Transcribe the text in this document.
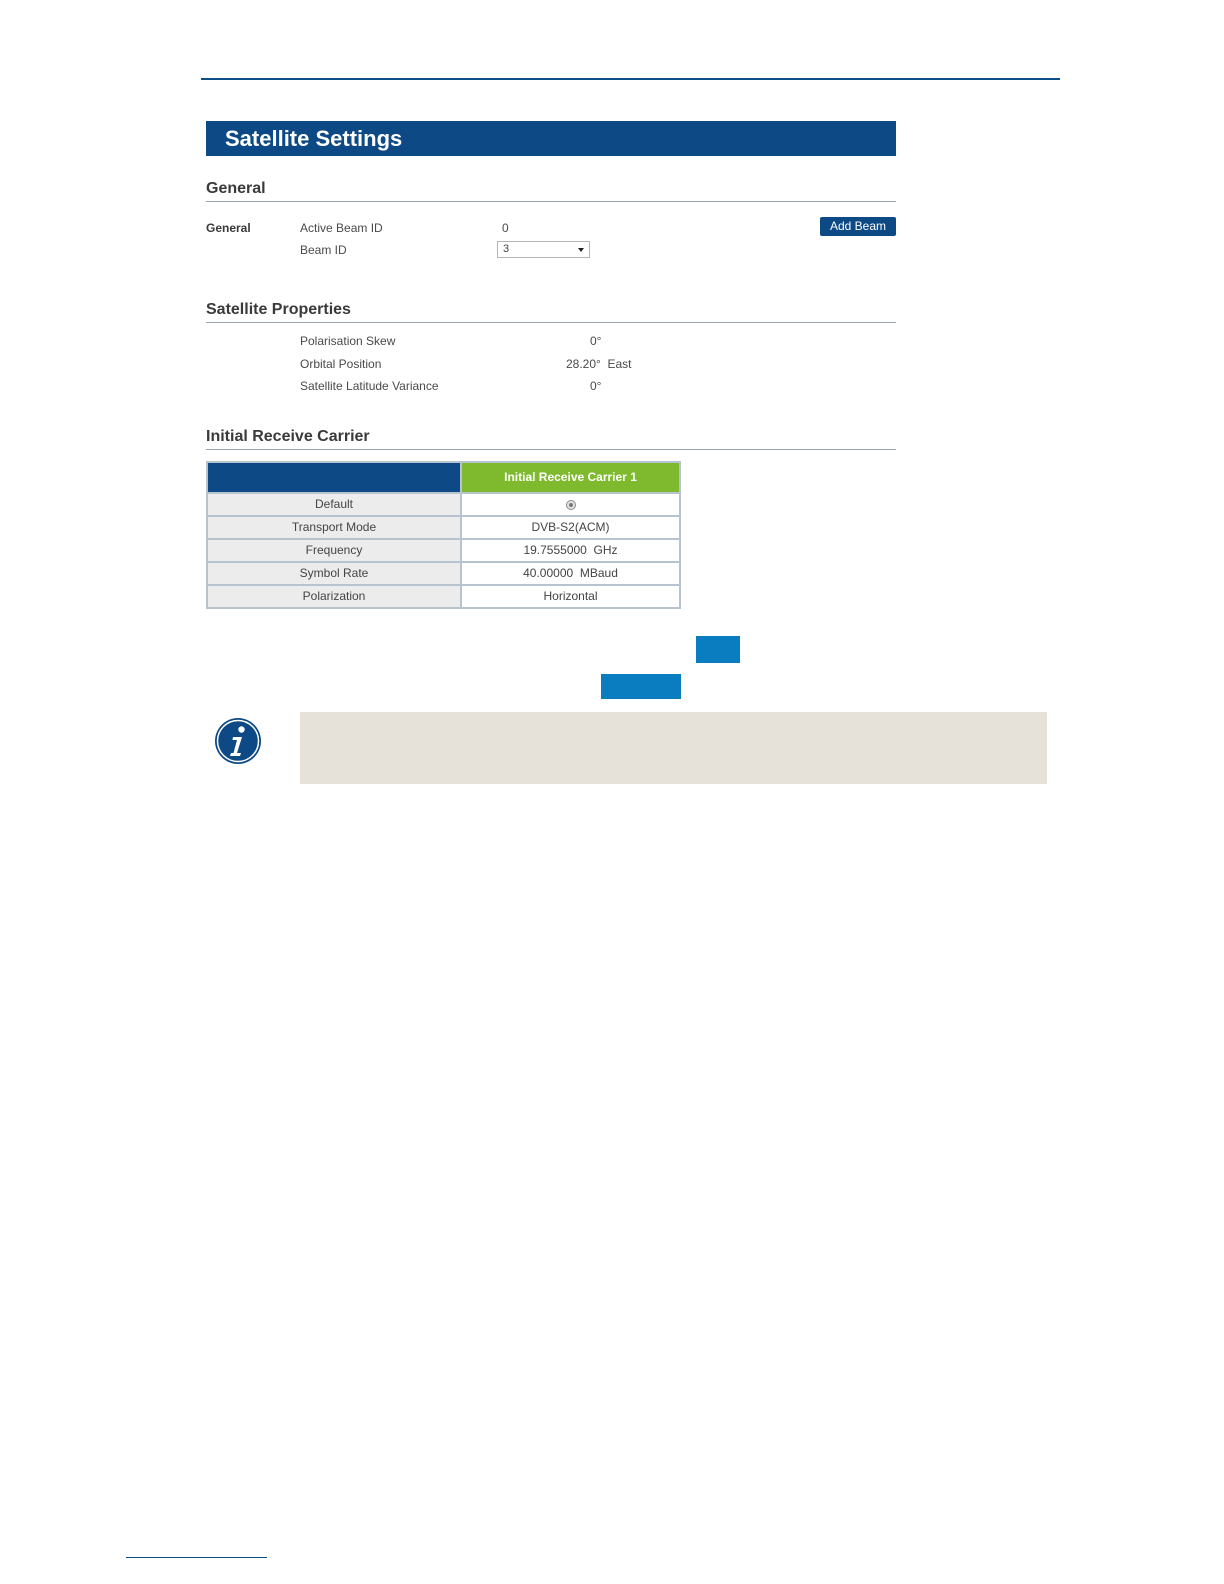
Satellite Settings
General
General	Active Beam ID	0	Add Beam
Beam ID	3
Satellite Properties
Polarisation Skew	0°
Orbital Position	28.20°  East
Satellite Latitude Variance	0°
Initial Receive Carrier
	Initial Receive Carrier 1
Default	
Transport Mode	DVB-S2(ACM)
Frequency	19.7555000  GHz
Symbol Rate	40.00000  MBaud
Polarization	Horizontal
